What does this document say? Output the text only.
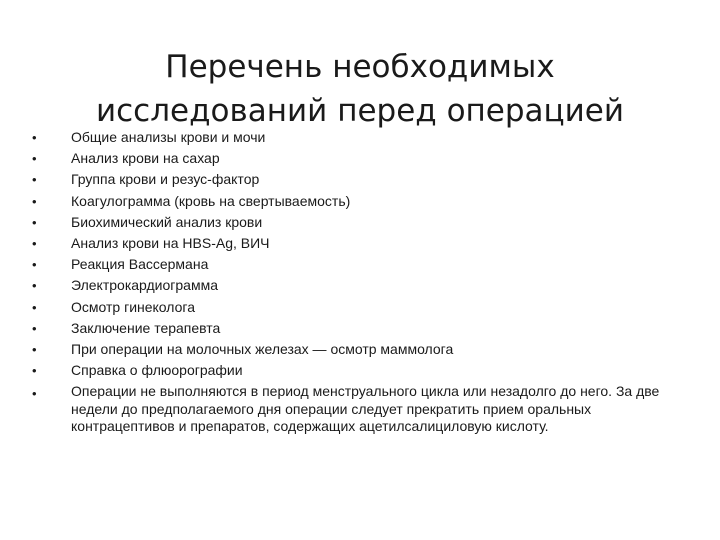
Перечень необходимых
исследований перед операцией
•	Общие анализы крови и мочи
•	Анализ крови на сахар
•	Группа крови и резус-фактор
•	Коагулограмма (кровь на свертываемость)
•	Биохимический анализ крови
•	Анализ крови на HBS-Ag, ВИЧ
•	Реакция Вассермана
•	Электрокардиограмма
•	Осмотр гинеколога
•	Заключение терапевта
•	При операции на молочных железах — осмотр маммолога
•	Справка о флюорографии
•	Операции не выполняются в период менструального цикла или незадолго до него. За две недели до предполагаемого дня операции следует прекратить прием оральных контрацептивов и препаратов, содержащих ацетилсалициловую кислоту.
